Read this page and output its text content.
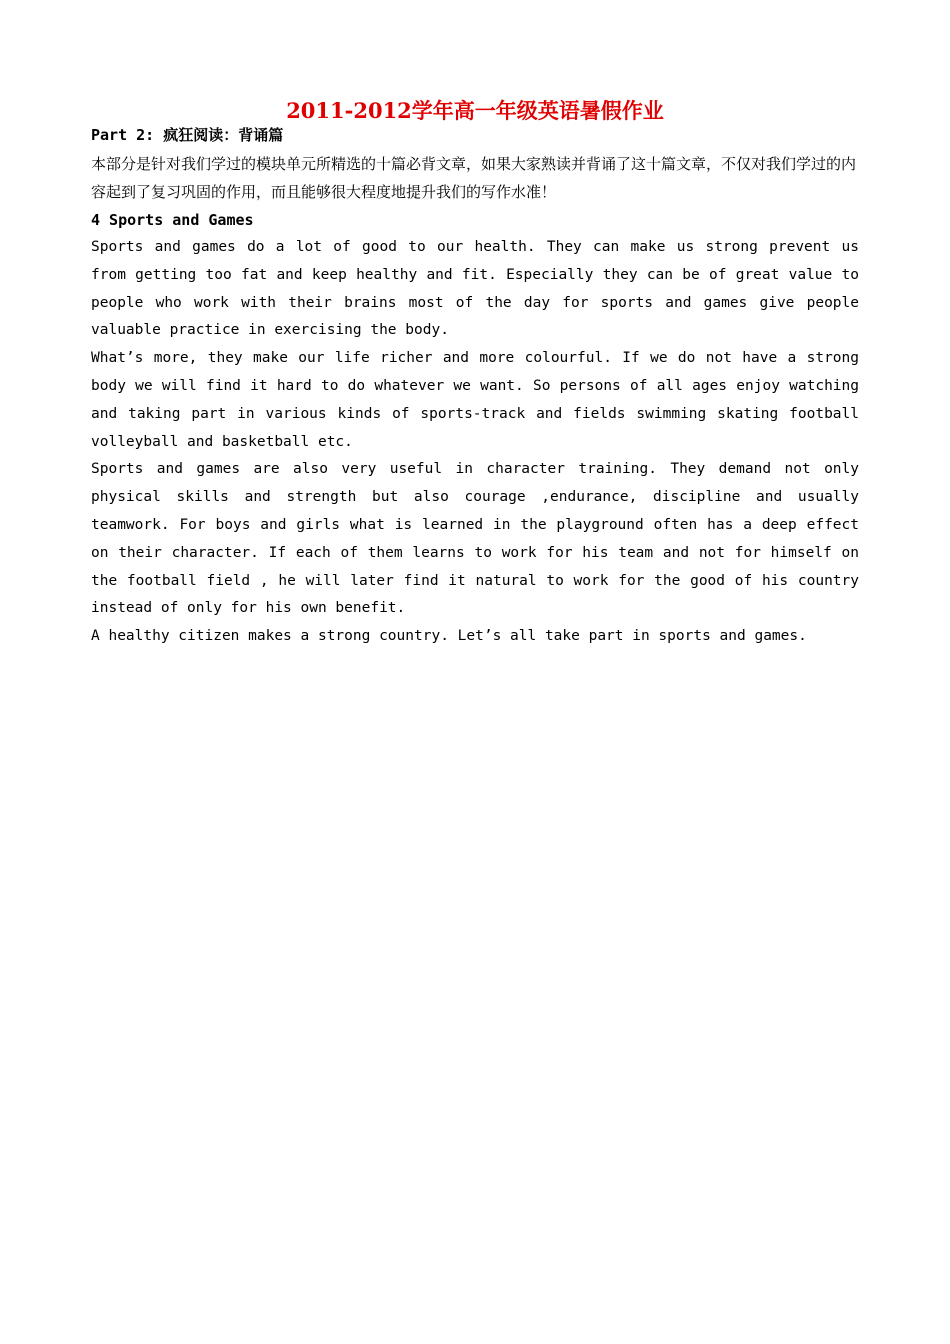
2011-2012学年高一年级英语暑假作业

Part 2: 疯狂阅读：背诵篇

本部分是针对我们学过的模块单元所精选的十篇必背文章，如果大家熟读并背诵了这十篇文章，不仅对我们学过的内容起到了复习巩固的作用，而且能够很大程度地提升我们的写作水准！

4 Sports and Games

Sports and games do a lot of good to our health. They can make us strong prevent us from getting too fat and keep healthy and fit. Especially they can be of great value to people who work with their brains most of the day for sports and games give people valuable practice in exercising the body.

What’s more, they make our life richer and more colourful. If we do not have a strong body we will find it hard to do whatever we want. So persons of all ages enjoy watching and taking part in various kinds of sports-track and fields swimming skating football volleyball and basketball etc.

Sports and games are also very useful in character training. They demand not only physical skills and strength but also courage ,endurance, discipline and usually teamwork. For boys and girls what is learned in the playground often has a deep effect on their character. If each of them learns to work for his team and not for himself on the football field , he will later find it natural to work for the good of his country instead of only for his own benefit.

A healthy citizen makes a strong country. Let’s all take part in sports and games.
